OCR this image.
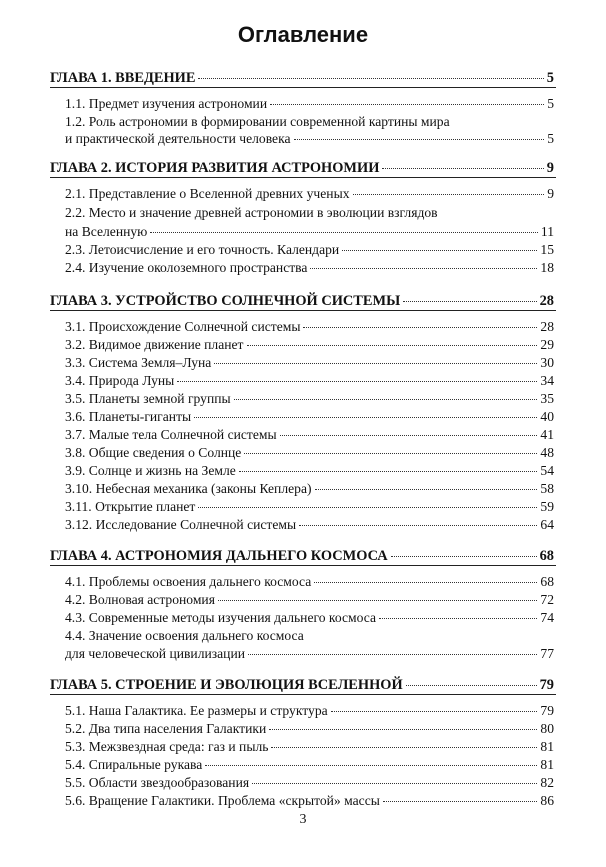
Оглавление
ГЛАВА 1. ВВЕДЕНИЕ	5
1.1. Предмет изучения астрономии	5
1.2. Роль астрономии в формировании современной картины мира
и практической деятельности человека	5
ГЛАВА 2. ИСТОРИЯ РАЗВИТИЯ АСТРОНОМИИ	9
2.1. Представление о Вселенной древних ученых	9
2.2. Место и значение древней астрономии в эволюции взглядов
на Вселенную	11
2.3. Летоисчисление и его точность. Календари	15
2.4. Изучение околоземного пространства	18
ГЛАВА 3. УСТРОЙСТВО СОЛНЕЧНОЙ СИСТЕМЫ	28
3.1. Происхождение Солнечной системы	28
3.2. Видимое движение планет	29
3.3. Система Земля–Луна	30
3.4. Природа Луны	34
3.5. Планеты земной группы	35
3.6. Планеты-гиганты	40
3.7. Малые тела Солнечной системы	41
3.8. Общие сведения о Солнце	48
3.9. Солнце и жизнь на Земле	54
3.10. Небесная механика (законы Кеплера)	58
3.11. Открытие планет	59
3.12. Исследование Солнечной системы	64
ГЛАВА 4. АСТРОНОМИЯ ДАЛЬНЕГО КОСМОСА	68
4.1. Проблемы освоения дальнего космоса	68
4.2. Волновая астрономия	72
4.3. Современные методы изучения дальнего космоса	74
4.4. Значение освоения дальнего космоса
для человеческой цивилизации	77
ГЛАВА 5. СТРОЕНИЕ И ЭВОЛЮЦИЯ ВСЕЛЕННОЙ	79
5.1. Наша Галактика. Ее размеры и структура	79
5.2. Два типа населения Галактики	80
5.3. Межзвездная среда: газ и пыль	81
5.4. Спиральные рукава	81
5.5. Области звездообразования	82
5.6. Вращение Галактики. Проблема «скрытой» массы	86
3
